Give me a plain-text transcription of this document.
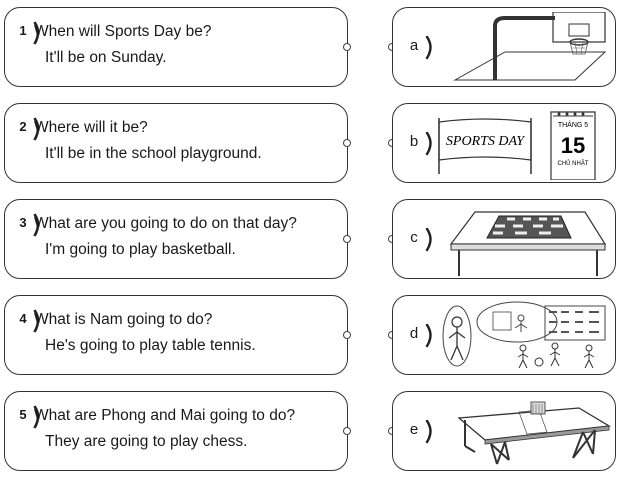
1 When will Sports Day be?
It'll be on Sunday.
2 Where will it be?
It'll be in the school playground.
3 What are you going to do on that day?
I'm going to play basketball.
4 What is Nam going to do?
He's going to play table tennis.
5 What are Phong and Mai going to do?
They are going to play chess.
a
b	SPORTS DAY
THÁNG 5
15
CHỦ NHẬT
c
d
e
